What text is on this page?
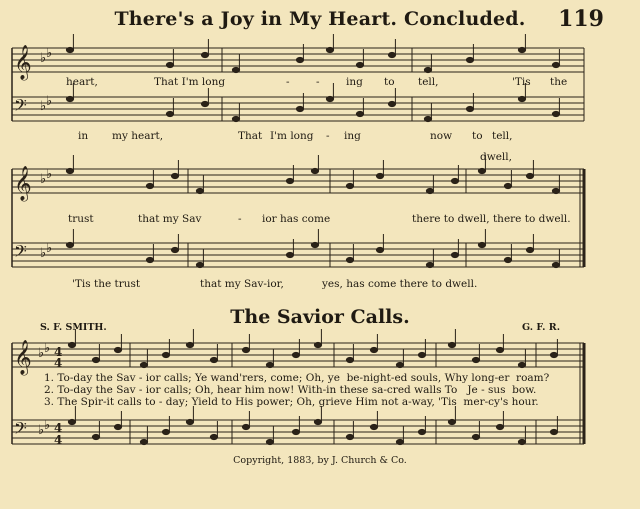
There's a Joy in My Heart. Concluded.	119
𝄞
𝄢
𝄞
𝄢
𝄞
𝄢
♭ ♭
♭ ♭
♭ ♭
♭ ♭
♭ ♭
♭ ♭
4
4
4
4
heart,	That I'm long	-	-	ing to tell,	'Tis the
in my heart,	That I'm long - ing	now to tell,
dwell,
trust	that my Sav	- ior has come	there to dwell, there to dwell.
'Tis the trust	that my Sav-ior,	yes, has come there to dwell.
The Savior Calls.
S. F. SMITH.	G. F. R.
1. To-day the Sav - ior calls; Ye wand'rers, come; Oh, ye  be-night-ed souls, Why long-er  roam?
2. To-day the Sav - ior calls; Oh, hear him now! With-in these sa-cred walls To   Je - sus  bow.
3. The Spir-it calls to - day; Yield to His power; Oh, grieve Him not a-way, 'Tis  mer-cy's hour.
Copyright, 1883, by J. Church & Co.
